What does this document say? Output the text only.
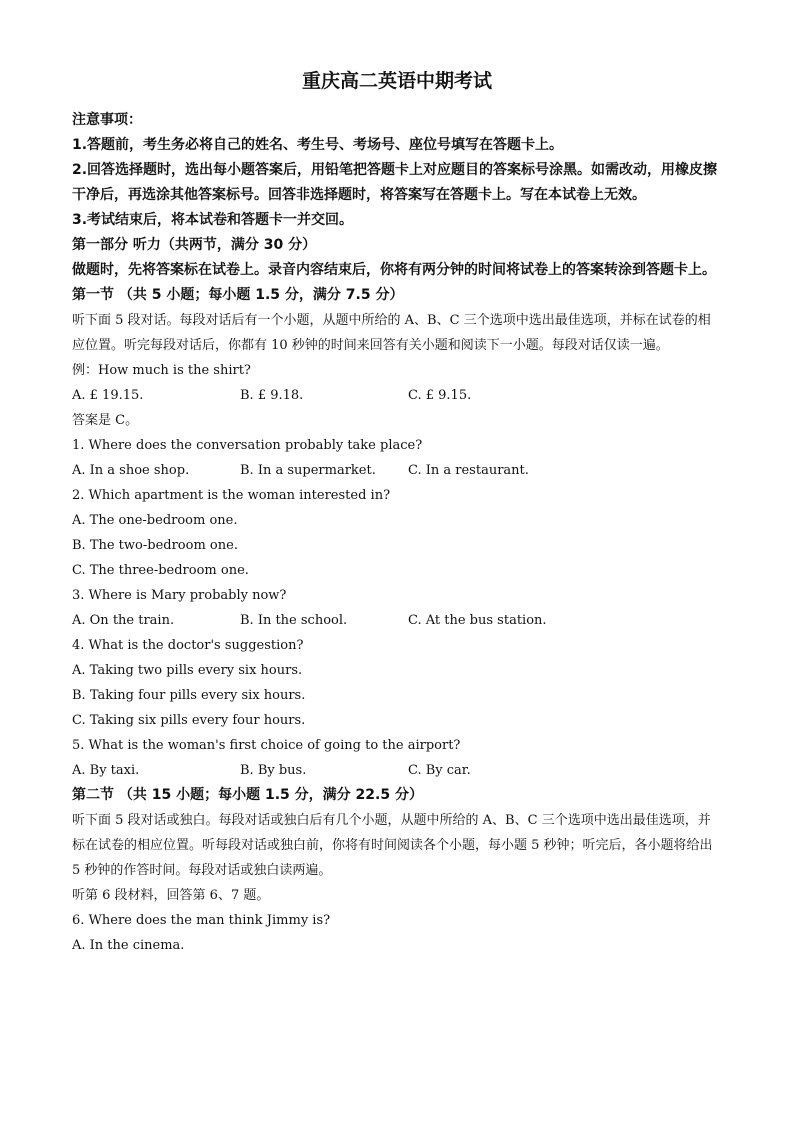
重庆高二英语中期考试

注意事项：

1.答题前，考生务必将自己的姓名、考生号、考场号、座位号填写在答题卡上。

2.回答选择题时，选出每小题答案后，用铅笔把答题卡上对应题目的答案标号涂黑。如需改动，用橡皮擦干净后，再选涂其他答案标号。回答非选择题时，将答案写在答题卡上。写在本试卷上无效。

3.考试结束后，将本试卷和答题卡一并交回。

第一部分 听力（共两节，满分 30 分）

做题时，先将答案标在试卷上。录音内容结束后，你将有两分钟的时间将试卷上的答案转涂到答题卡上。

第一节 （共 5 小题；每小题 1.5 分，满分 7.5 分）

听下面 5 段对话。每段对话后有一个小题，从题中所给的 A、B、C 三个选项中选出最佳选项，并标在试卷的相应位置。听完每段对话后，你都有 10 秒钟的时间来回答有关小题和阅读下一小题。每段对话仅读一遍。

例：How much is the shirt?

A. £ 19.15.	B. £ 9.18.	C. £ 9.15.

答案是 C。

1. Where does the conversation probably take place?

A. In a shoe shop.	B. In a supermarket.	C. In a restaurant.

2. Which apartment is the woman interested in?

A. The one-bedroom one.

B. The two-bedroom one.

C. The three-bedroom one.

3. Where is Mary probably now?

A. On the train.	B. In the school.	C. At the bus station.

4. What is the doctor's suggestion?

A. Taking two pills every six hours.

B. Taking four pills every six hours.

C. Taking six pills every four hours.

5. What is the woman's first choice of going to the airport?

A. By taxi.	B. By bus.	C. By car.

第二节 （共 15 小题；每小题 1.5 分，满分 22.5 分）

听下面 5 段对话或独白。每段对话或独白后有几个小题，从题中所给的 A、B、C 三个选项中选出最佳选项，并标在试卷的相应位置。听每段对话或独白前，你将有时间阅读各个小题，每小题 5 秒钟；听完后，各小题将给出 5 秒钟的作答时间。每段对话或独白读两遍。

听第 6 段材料，回答第 6、7 题。

6. Where does the man think Jimmy is?

A. In the cinema.
